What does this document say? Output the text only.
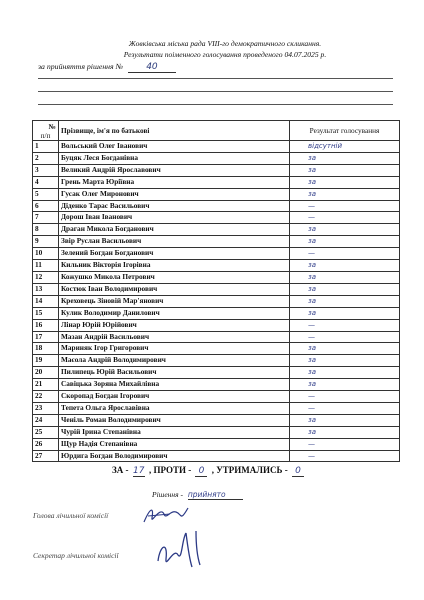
Жовківська міська рада VIII-го демократичного скликання.
Результати поіменного голосування проведеного 04.07.2025 р.
за прийняття рішення №	40
№
п/п	Прізвище, ім'я по батькові	Результат голосування
1	Вольський Олег Іванович	відсутній
2	Буцяк Леся Богданівна	за
3	Великий Андрій Ярославович	за
4	Грень Марта Юріївна	за
5	Гусак Олег Миронович	за
6	Діденко Тарас Васильович	—
7	Дорош Іван Іванович	—
8	Драган Микола Богданович	за
9	Звір Руслан Васильович	за
10	Зелений Богдан Богданович	—
11	Кильник Вікторія Ігорівна	за
12	Кожушко Микола Петрович	за
13	Костюк Іван Володимирович	за
14	Креховець Зіновій Мар'янович	за
15	Кулик Володимир Данилович	за
16	Лінар Юрій Юрійович	—
17	Мазан Андрій Васильович	—
18	Мариняк Ігор Григорович	за
19	Маєола Андрій Володимирович	за
20	Пилипець Юрій Васильович	за
21	Савіцька Зоряна Михайлівна	за
22	Скоропад Богдан Ігорович	—
23	Тепета Ольга Ярославівна	—
24	Ченіль Роман Володимирович	за
25	Чурій Ірина Степанівна	за
26	Щур Надія Степанівна	—
27	Юрдига Богдан Володимирович	—
ЗА - 17 , ПРОТИ - 0 , УТРИМАЛИСЬ - 0
Рішення - прийнято
Голова лічильної комісії
Секретар лічильної комісії
